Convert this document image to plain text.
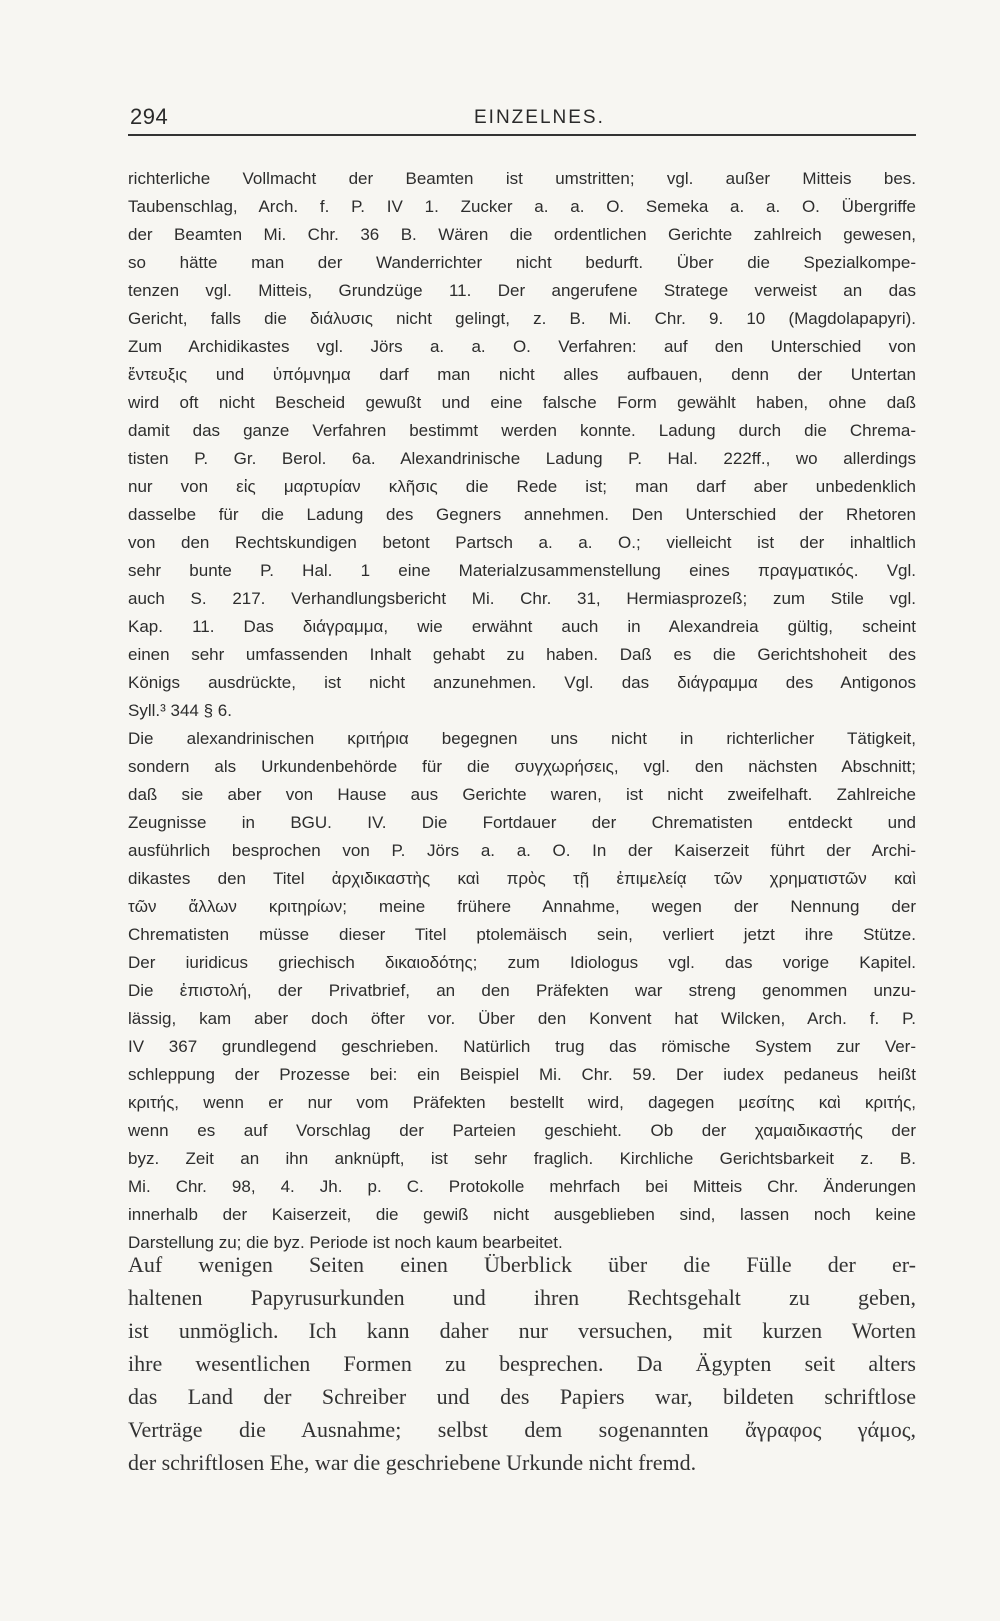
294	EINZELNES.
richterliche Vollmacht der Beamten ist umstritten; vgl. außer Mitteis bes.
Taubenschlag, Arch. f. P. IV 1. Zucker a. a. O. Semeka a. a. O. Übergriffe
der Beamten Mi. Chr. 36 B. Wären die ordentlichen Gerichte zahlreich gewesen,
so hätte man der Wanderrichter nicht bedurft. Über die Spezialkompe-
tenzen vgl. Mitteis, Grundzüge 11. Der angerufene Stratege verweist an das
Gericht, falls die διάλυσις nicht gelingt, z. B. Mi. Chr. 9. 10 (Magdolapapyri).
Zum Archidikastes vgl. Jörs a. a. O. Verfahren: auf den Unterschied von
ἔντευξις und ὑπόμνημα darf man nicht alles aufbauen, denn der Untertan
wird oft nicht Bescheid gewußt und eine falsche Form gewählt haben, ohne daß
damit das ganze Verfahren bestimmt werden konnte. Ladung durch die Chrema-
tisten P. Gr. Berol. 6a. Alexandrinische Ladung P. Hal. 222ff., wo allerdings
nur von εἰς μαρτυρίαν κλῆσις die Rede ist; man darf aber unbedenklich
dasselbe für die Ladung des Gegners annehmen. Den Unterschied der Rhetoren
von den Rechtskundigen betont Partsch a. a. O.; vielleicht ist der inhaltlich
sehr bunte P. Hal. 1 eine Materialzusammenstellung eines πραγματικός. Vgl.
auch S. 217. Verhandlungsbericht Mi. Chr. 31, Hermiasprozeß; zum Stile vgl.
Kap. 11. Das διάγραμμα, wie erwähnt auch in Alexandreia gültig, scheint
einen sehr umfassenden Inhalt gehabt zu haben. Daß es die Gerichtshoheit des
Königs ausdrückte, ist nicht anzunehmen. Vgl. das διάγραμμα des Antigonos
Syll.³ 344 § 6.
Die alexandrinischen κριτήρια begegnen uns nicht in richterlicher Tätigkeit,
sondern als Urkundenbehörde für die συγχωρήσεις, vgl. den nächsten Abschnitt;
daß sie aber von Hause aus Gerichte waren, ist nicht zweifelhaft. Zahlreiche
Zeugnisse in BGU. IV. Die Fortdauer der Chrematisten entdeckt und
ausführlich besprochen von P. Jörs a. a. O. In der Kaiserzeit führt der Archi-
dikastes den Titel ἀρχιδικαστὴς καὶ πρὸς τῇ ἐπιμελείᾳ τῶν χρηματιστῶν καὶ
τῶν ἄλλων κριτηρίων; meine frühere Annahme, wegen der Nennung der
Chrematisten müsse dieser Titel ptolemäisch sein, verliert jetzt ihre Stütze.
Der iuridicus griechisch δικαιοδότης; zum Idiologus vgl. das vorige Kapitel.
Die ἐπιστολή, der Privatbrief, an den Präfekten war streng genommen unzu-
lässig, kam aber doch öfter vor. Über den Konvent hat Wilcken, Arch. f. P.
IV 367 grundlegend geschrieben. Natürlich trug das römische System zur Ver-
schleppung der Prozesse bei: ein Beispiel Mi. Chr. 59. Der iudex pedaneus heißt
κριτής, wenn er nur vom Präfekten bestellt wird, dagegen μεσίτης καὶ κριτής,
wenn es auf Vorschlag der Parteien geschieht. Ob der χαμαιδικαστής der
byz. Zeit an ihn anknüpft, ist sehr fraglich. Kirchliche Gerichtsbarkeit z. B.
Mi. Chr. 98, 4. Jh. p. C. Protokolle mehrfach bei Mitteis Chr. Änderungen
innerhalb der Kaiserzeit, die gewiß nicht ausgeblieben sind, lassen noch keine
Darstellung zu; die byz. Periode ist noch kaum bearbeitet.
Auf wenigen Seiten einen Überblick über die Fülle der er-
haltenen Papyrusurkunden und ihren Rechtsgehalt zu geben,
ist unmöglich. Ich kann daher nur versuchen, mit kurzen Worten
ihre wesentlichen Formen zu besprechen. Da Ägypten seit alters
das Land der Schreiber und des Papiers war, bildeten schriftlose
Verträge die Ausnahme; selbst dem sogenannten ἄγραφος γάμος,
der schriftlosen Ehe, war die geschriebene Urkunde nicht fremd.
